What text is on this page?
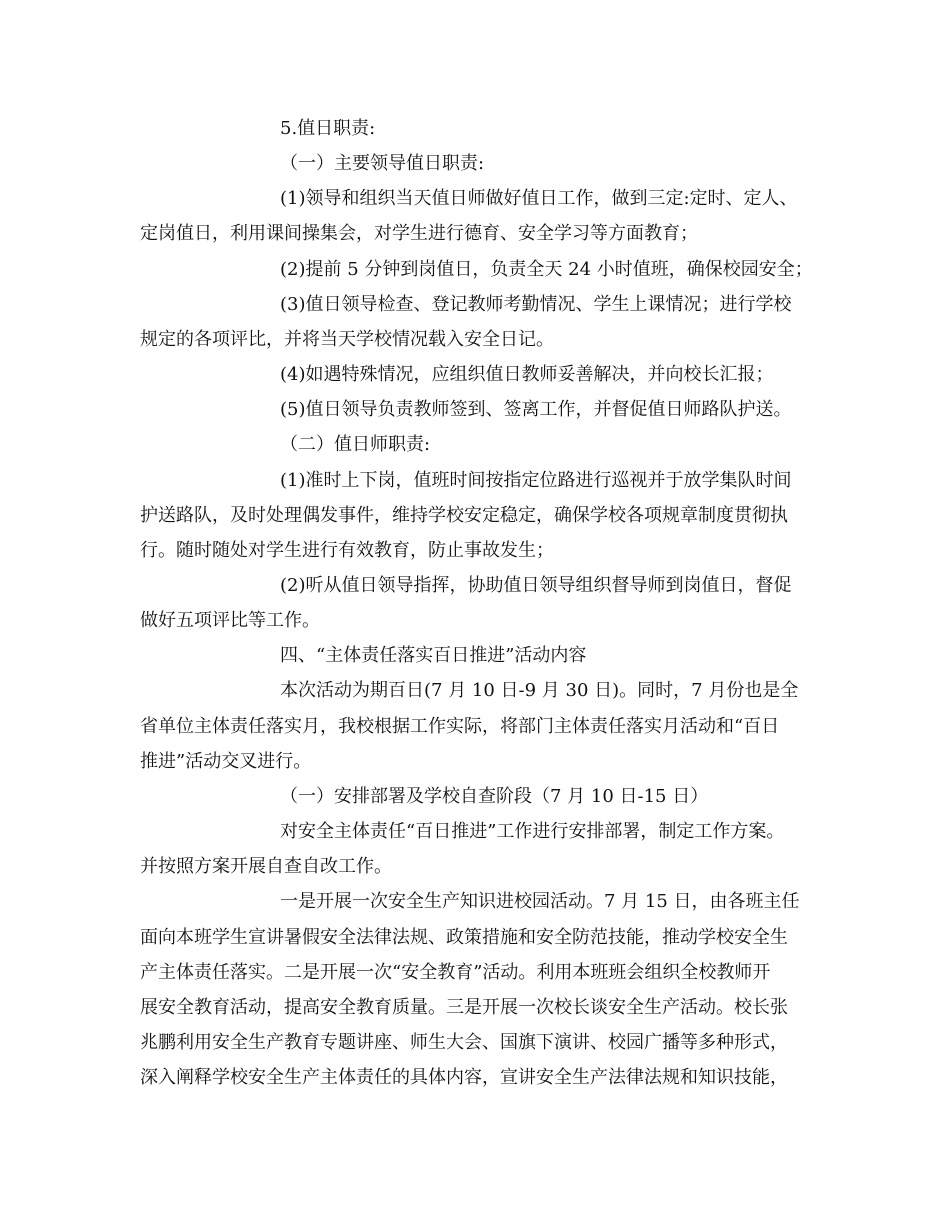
5.值日职责:
（一）主要领导值日职责:
(1)领导和组织当天值日师做好值日工作，做到三定:定时、定人、
定岗值日，利用课间操集会，对学生进行德育、安全学习等方面教育；
(2)提前 5 分钟到岗值日，负责全天 24 小时值班，确保校园安全；
(3)值日领导检查、登记教师考勤情况、学生上课情况；进行学校
规定的各项评比，并将当天学校情况载入安全日记。
(4)如遇特殊情况，应组织值日教师妥善解决，并向校长汇报；
(5)值日领导负责教师签到、签离工作，并督促值日师路队护送。
（二）值日师职责:
(1)准时上下岗，值班时间按指定位路进行巡视并于放学集队时间
护送路队，及时处理偶发事件，维持学校安定稳定，确保学校各项规章制度贯彻执
行。随时随处对学生进行有效教育，防止事故发生；
(2)听从值日领导指挥，协助值日领导组织督导师到岗值日，督促
做好五项评比等工作。
四、“主体责任落实百日推进”活动内容
本次活动为期百日(7 月 10 日-9 月 30 日)。同时，7 月份也是全
省单位主体责任落实月，我校根据工作实际，将部门主体责任落实月活动和“百日
推进”活动交叉进行。
（一）安排部署及学校自查阶段（7 月 10 日-15 日）
对安全主体责任“百日推进”工作进行安排部署，制定工作方案。
并按照方案开展自查自改工作。
一是开展一次安全生产知识进校园活动。7 月 15 日，由各班主任
面向本班学生宣讲暑假安全法律法规、政策措施和安全防范技能，推动学校安全生
产主体责任落实。二是开展一次“安全教育”活动。利用本班班会组织全校教师开
展安全教育活动，提高安全教育质量。三是开展一次校长谈安全生产活动。校长张
兆鹏利用安全生产教育专题讲座、师生大会、国旗下演讲、校园广播等多种形式，
深入阐释学校安全生产主体责任的具体内容，宣讲安全生产法律法规和知识技能，
